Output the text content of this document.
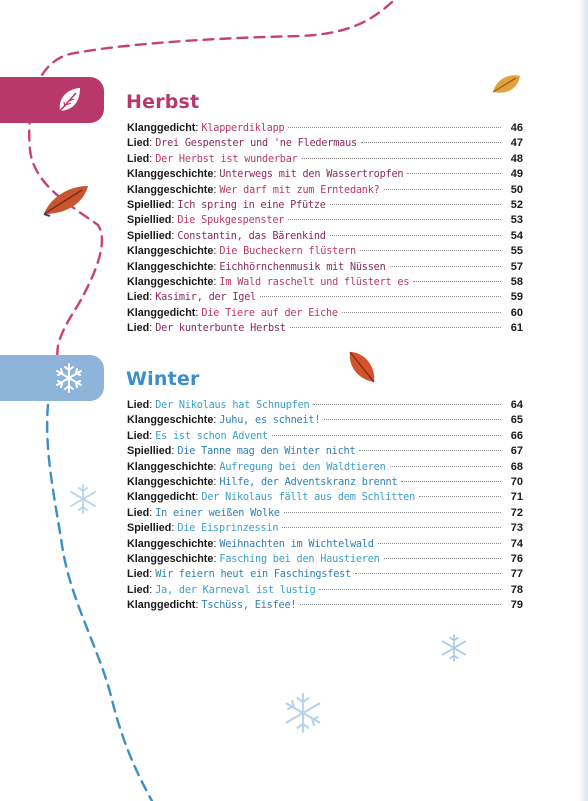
Herbst
Winter
Klanggedicht : Klapperdiklapp	46
Lied : Drei Gespenster und 'ne Fledermaus	47
Lied : Der Herbst ist wunderbar	48
Klanggeschichte : Unterwegs mit den Wassertropfen	49
Klanggeschichte : Wer darf mit zum Erntedank?	50
Spiellied : Ich spring in eine Pfütze	52
Spiellied : Die Spukgespenster	53
Spiellied : Constantin, das Bärenkind	54
Klanggeschichte : Die Bucheckern flüstern	55
Klanggeschichte : Eichhörnchenmusik mit Nüssen	57
Klanggeschichte : Im Wald raschelt und flüstert es	58
Lied : Kasimir, der Igel	59
Klanggedicht : Die Tiere auf der Eiche	60
Lied : Der kunterbunte Herbst	61
Lied : Der Nikolaus hat Schnupfen	64
Klanggeschichte : Juhu, es schneit!	65
Lied : Es ist schon Advent	66
Spiellied : Die Tanne mag den Winter nicht	67
Klanggeschichte : Aufregung bei den Waldtieren	68
Klanggeschichte : Hilfe, der Adventskranz brennt	70
Klanggedicht : Der Nikolaus fällt aus dem Schlitten	71
Lied : In einer weißen Wolke	72
Spiellied : Die Eisprinzessin	73
Klanggeschichte : Weihnachten im Wichtelwald	74
Klanggeschichte : Fasching bei den Haustieren	76
Lied : Wir feiern heut ein Faschingsfest	77
Lied : Ja, der Karneval ist lustig	78
Klanggedicht : Tschüss, Eisfee!	79
